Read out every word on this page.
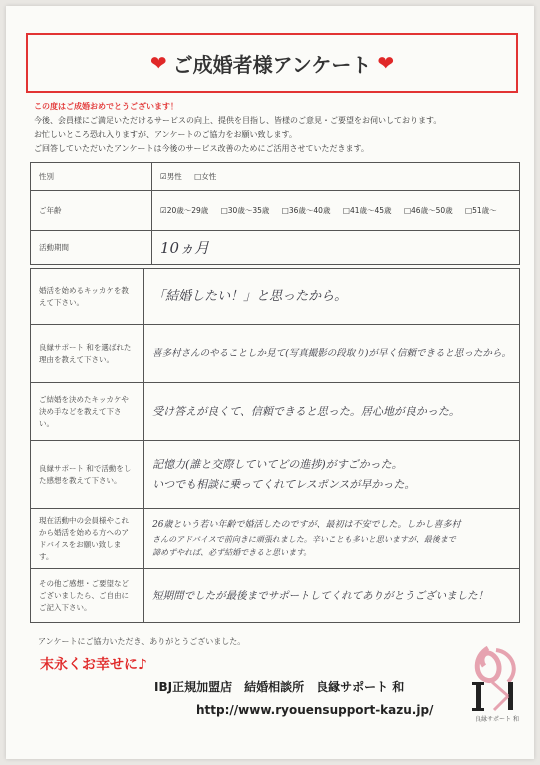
❤ ご成婚者様アンケート ❤
この度はご成婚おめでとうございます！
今後、会員様にご満足いただけるサービスの向上、提供を目指し、皆様のご意見・ご要望をお伺いしております。
お忙しいところ恐れ入りますが、アンケートのご協力をお願い致します。
ご回答していただいたアンケートは今後のサービス改善のためにご活用させていただきます。
性別	☑男性 □女性
ご年齢	☑20歳～29歳 □30歳～35歳 □36歳～40歳 □41歳～45歳 □46歳～50歳 □51歳～
活動期間	10ヵ月
婚活を始めるキッカケを教えて下さい。	「結婚したい！」と思ったから。

良縁サポート 和を選ばれた理由を教えて下さい。	喜多村さんのやることしか見て(写真撮影の段取り)が早く信頼できると思ったから。

ご結婚を決めたキッカケや決め手などを教えて下さい。	受け答えが良くて、信頼できると思った。居心地が良かった。

良縁サポート 和で活動をした感想を教えて下さい。	記憶力(誰と交際していてどの進捗)がすごかった。
いつでも相談に乗ってくれてレスポンスが早かった。

現在活動中の会員様やこれから婚活を始める方へのアドバイスをお願い致します。	26歳という若い年齢で婚活したのですが、最初は不安でした。しかし喜多村
さんのアドバイスで前向きに頑張れました。辛いことも多いと思いますが、最後まで
諦めずやれば、必ず結婚できると思います。

その他ご感想・ご要望などございましたら、ご自由にご記入下さい。	短期間でしたが最後までサポートしてくれてありがとうございました！
アンケートにご協力いただき、ありがとうございました。
末永くお幸せに♪
IBJ正規加盟店　結婚相談所　良縁サポート 和
http://www.ryouensupport-kazu.jp/
良縁サポート 和
